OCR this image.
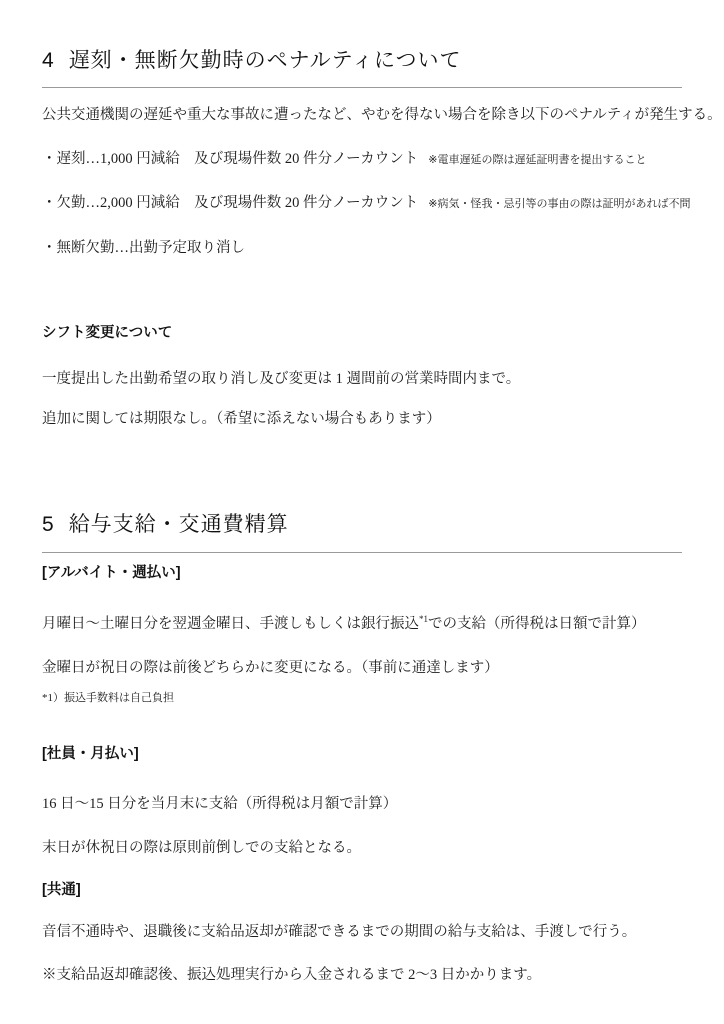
4 遅刻・無断欠勤時のペナルティについて

公共交通機関の遅延や重大な事故に遭ったなど、やむを得ない場合を除き以下のペナルティが発生する。

・遅刻…1,000 円減給　及び現場件数 20 件分ノーカウント ※電車遅延の際は遅延証明書を提出すること

・欠勤…2,000 円減給　及び現場件数 20 件分ノーカウント ※病気・怪我・忌引等の事由の際は証明があれば不問

・無断欠勤…出勤予定取り消し

シフト変更について

一度提出した出勤希望の取り消し及び変更は 1 週間前の営業時間内まで。

追加に関しては期限なし。（希望に添えない場合もあります）

5 給与支給・交通費精算

[アルバイト・週払い]

月曜日～土曜日分を翌週金曜日、手渡しもしくは銀行振込$^{*1}$での支給（所得税は日額で計算）

金曜日が祝日の際は前後どちらかに変更になる。（事前に通達します）

*1）振込手数料は自己負担

[社員・月払い]

16 日～15 日分を当月末に支給（所得税は月額で計算）

末日が休祝日の際は原則前倒しでの支給となる。

[共通]

音信不通時や、退職後に支給品返却が確認できるまでの期間の給与支給は、手渡しで行う。

※支給品返却確認後、振込処理実行から入金されるまで 2～3 日かかります。
